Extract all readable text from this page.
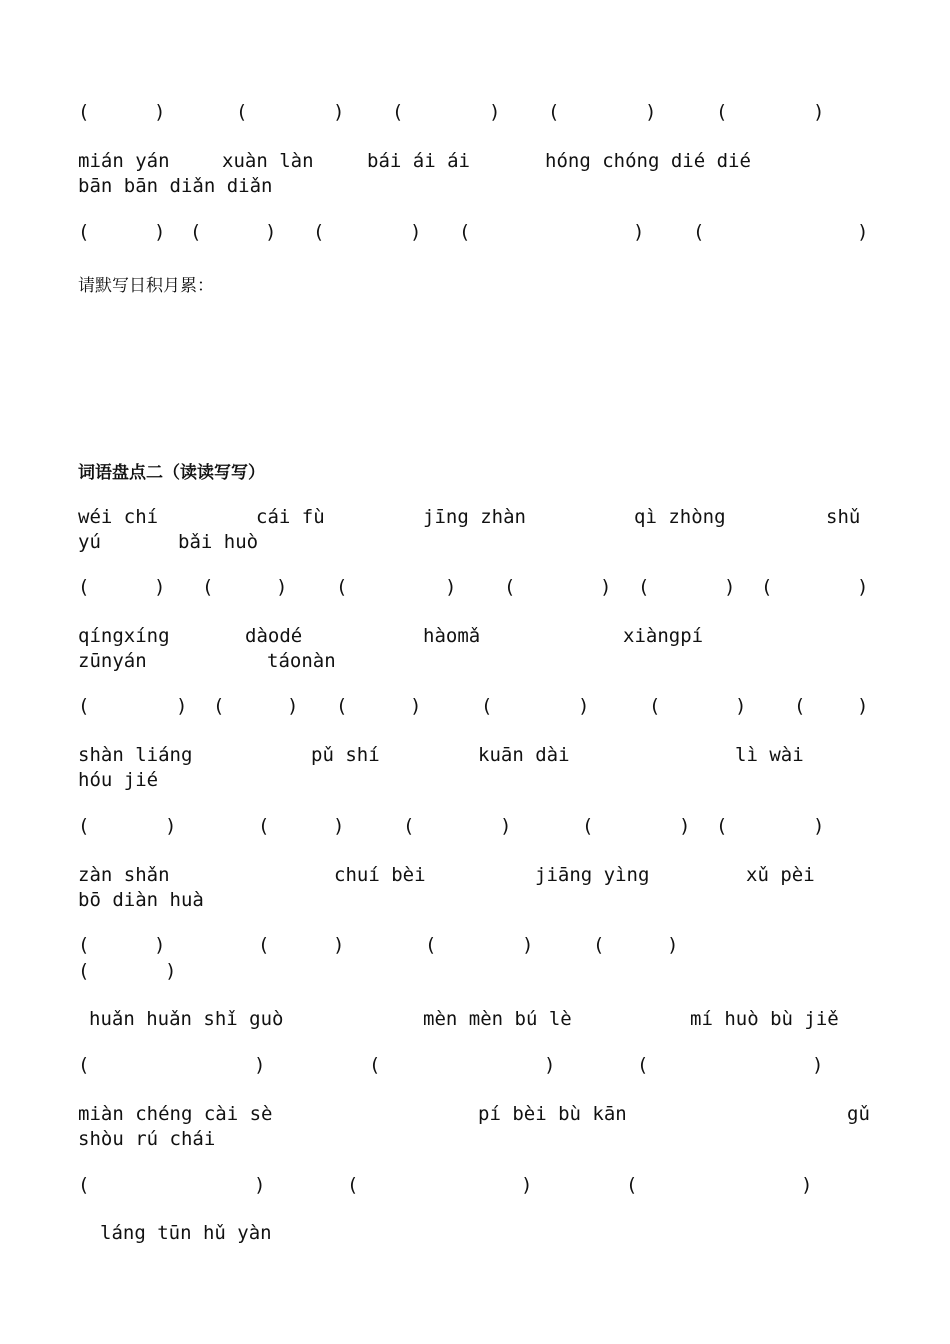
(	)	(	)	(	)	(	)	(	)
mián yán	xuàn làn	bái ái ái	hóng chóng dié dié
bān bān diǎn diǎn
(	) (	) (	) (	)	(	)
请默写日积月累：
词语盘点二（读读写写）
wéi chí	cái fù	jīng zhàn	qì zhòng	shǔ
yú	bǎi huò
(	) (	)	(	)	(	) (	) (	)
qíngxíng	dàodé	hàomǎ	xiàngpí
zūnyán	táonàn
(	) (	) (	)	(	)	(	)	(	)
shàn liáng	pǔ shí	kuān dài	lì wài
hóu jié
(	)	(	)	(	)	(	) (	)
zàn shǎn	chuí bèi	jiāng yìng	xǔ pèi
bō diàn huà
(	)	(	)	(	)	(	)
(	)
huǎn huǎn shǐ guò	mèn mèn bú lè	mí huò bù jiě
(	)	(	)	(	)
miàn chéng cài sè	pí bèi bù kān	gǔ
shòu rú chái
(	)	(	)	(	)
láng tūn hǔ yàn
